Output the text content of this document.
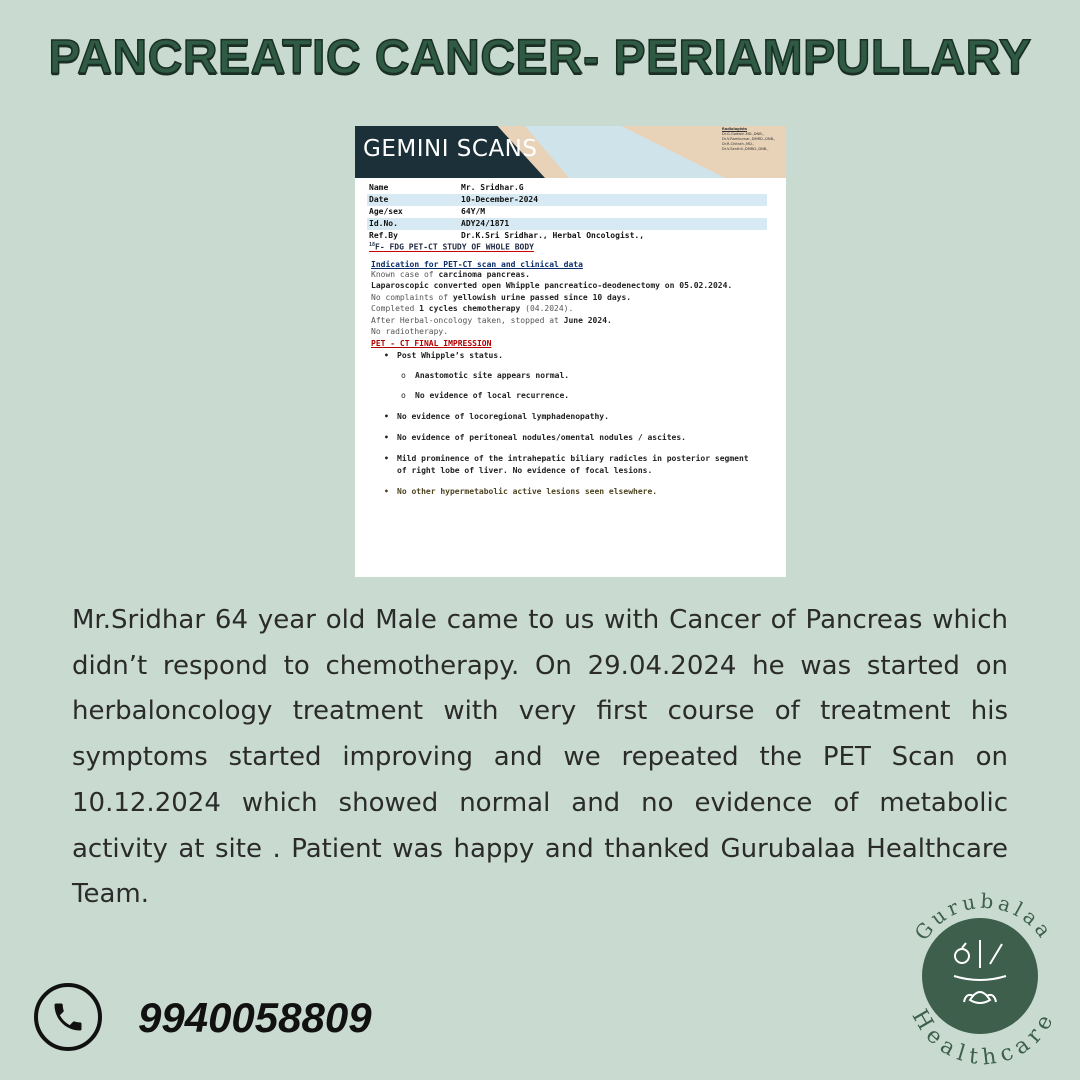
PANCREATIC CANCER- PERIAMPULLARY
GEMINI SCANS
Radiologists
Dr.G.Godwin.MD.,DNB.,
Dr.V.Ramkumar.,DMRD.,DNB.,
Dr.R.Chitrah.,MD.,
Dr.V.Senthil.,DMRD.,DNB.,
Name	Mr. Sridhar.G
Date	10-December-2024
Age/sex	64Y/M
Id.No.	ADY24/1871
Ref.By	Dr.K.Sri Sridhar., Herbal Oncologist.,
$^{18}$F- FDG PET-CT STUDY OF WHOLE BODY
Indication for PET-CT scan and clinical data
Known case of carcinoma pancreas.
Laparoscopic converted open Whipple pancreatico-deodenectomy on 05.02.2024.
No complaints of yellowish urine passed since 10 days.
Completed 1 cycles chemotherapy (04.2024).
After Herbal-oncology taken, stopped at June 2024.
No radiotherapy.
PET - CT FINAL IMPRESSION
• Post Whipple’s status.
o Anastomotic site appears normal.
o No evidence of local recurrence.
• No evidence of locoregional lymphadenopathy.
• No evidence of peritoneal nodules/omental nodules / ascites.
• Mild prominence of the intrahepatic biliary radicles in posterior segment of right lobe of liver. No evidence of focal lesions.
• No other hypermetabolic active lesions seen elsewhere.
Mr.Sridhar 64 year old Male came to us with Cancer of Pancreas which didn’t respond to chemotherapy. On 29.04.2024 he was started on herbaloncology treatment with very first course of treatment his symptoms started improving and we repeated the PET Scan on 10.12.2024 which showed normal and no evidence of metabolic activity at site . Patient was happy and thanked Gurubalaa Healthcare Team.
9940058809
Gurubalaa
Healthcare
